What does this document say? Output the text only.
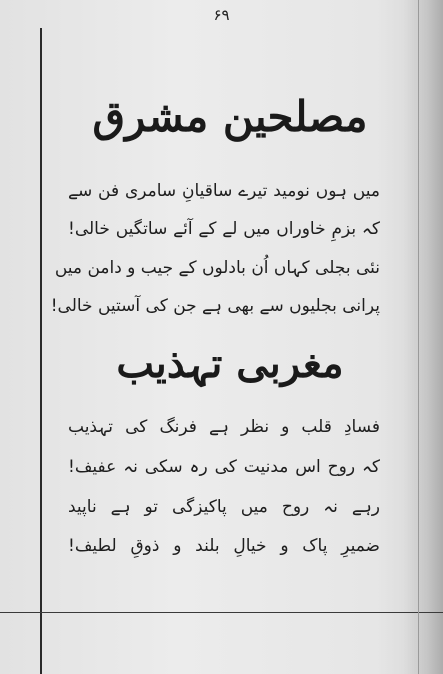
۶۹
مصلحین مشرق
میں ہوں نومید تیرے ساقیانِ سامری فن سے
کہ بزمِ خاوراں میں لے کے آئے ساتگیں خالی!
نئی بجلی کہاں اُن بادلوں کے جیب و دامن میں
پرانی بجلیوں سے بھی ہے جن کی آستیں خالی!
مغربی تہذیب
فسادِ قلب و نظر ہے فرنگ کی تہذیب
کہ روح اس مدنیت کی رہ سکی نہ عفیف!
رہے نہ روح میں پاکیزگی تو ہے ناپید
ضمیرِ پاک و خیالِ بلند و ذوقِ لطیف!
